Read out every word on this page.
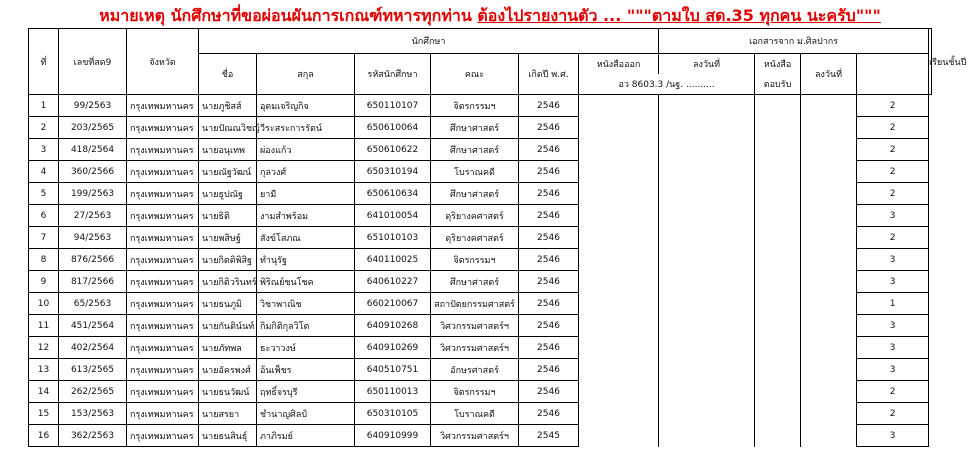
หมายเหตุ นักศึกษาที่ขอผ่อนผันการเกณฑ์ทหารทุกท่าน ต้องไปรายงานตัว ... """ตามใบ สด.35 ทุกคน นะครับ"""
ที่	เลขที่สด9	จังหวัด	นักศึกษา						เอกสารจาก ม.ศิลปากร				เรียนชั้นปี
			ชื่อ	สกุล	รหัสนักศึกษา	คณะ	เกิดปี พ.ศ.	หนังสือออก	ลงวันที่	หนังสือ	ลงวันที่		
								อว 8603.3 /นฐ. ..........		ตอบรับ			
1	99/2563	กรุงเทพมหานคร	นายภูชิสส์	อุดมเจริญกิจ	650110107	จิตรกรรมฯ	2546					2	
2	203/2565	กรุงเทพมหานคร	นายปัณณวิชญ์	วีระสระการรัตน์	650610064	ศึกษาศาสตร์	2546					2	
3	418/2564	กรุงเทพมหานคร	นายอนุเทพ	ผ่องแก้ว	650610622	ศึกษาศาสตร์	2546					2	
4	360/2566	กรุงเทพมหานคร	นายณัฐวัฒน์	กุลวงศ์	650310194	โบราณคดี	2546					2	
5	199/2563	กรุงเทพมหานคร	นายธูปณัฐ	ยามี	650610634	ศึกษาศาสตร์	2546					2	
6	27/2563	กรุงเทพมหานคร	นายธิติ	งามสำพร้อม	641010054	ดุริยางคศาสตร์	2546					3	
7	94/2563	กรุงเทพมหานคร	นายพสิษฐ์	สังข์โสภณ	651010103	ดุริยางคศาสตร์	2546					2	
8	876/2566	กรุงเทพมหานคร	นายกิตติพิสิฐ	ทำนุรัฐ	640110025	จิตรกรรมฯ	2546					3	
9	817/2566	กรุงเทพมหานคร	นายกิติวรินทร์	พิริณย์ชนโชค	640610227	ศึกษาศาสตร์	2546					3	
10	65/2563	กรุงเทพมหานคร	นายธนภูมิ	วิชาพาณิช	660210067	สถาปัตยกรรมศาสตร์	2546					1	
11	451/2564	กรุงเทพมหานคร	นายกันติน์นท์	กิมกิติกุลวิโต	640910268	วิศวกรรมศาสตร์ฯ	2546					3	
12	402/2564	กรุงเทพมหานคร	นายภัทพล	ธะวาวงษ์	640910269	วิศวกรรมศาสตร์ฯ	2546					3	
13	613/2565	กรุงเทพมหานคร	นายอัครพงศ์	อ้นเพ็ชร	640510751	อักษรศาสตร์	2546					3	
14	262/2565	กรุงเทพมหานคร	นายธนวัฒน์	ฤทธิ์จรบุรี	650110013	จิตรกรรมฯ	2546					2	
15	153/2563	กรุงเทพมหานคร	นายสรยา	ชำนาญศิลป์	650310105	โบราณคดี	2546					2	
16	362/2563	กรุงเทพมหานคร	นายธนสินธุ์	ภาภิรมย์	640910999	วิศวกรรมศาสตร์ฯ	2545					3	
